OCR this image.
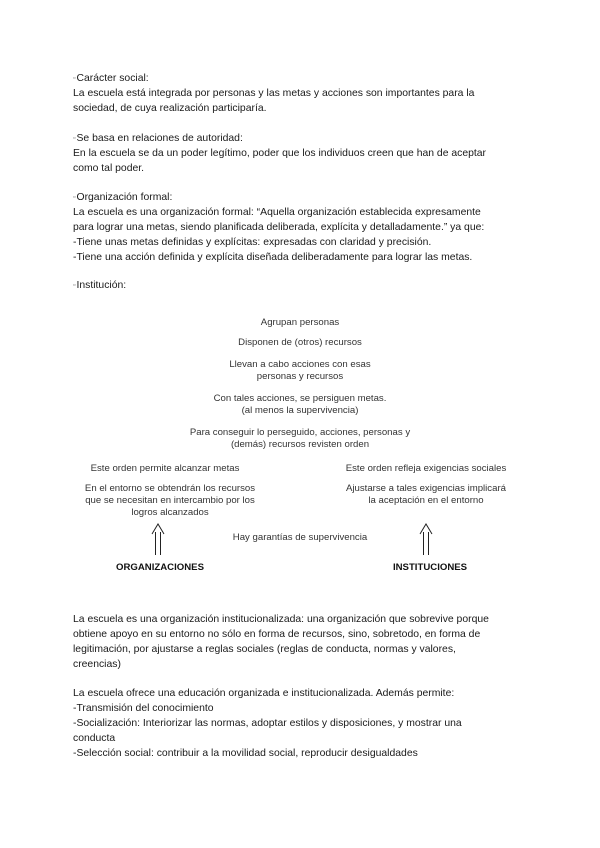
▫Carácter social:
La escuela está integrada por personas y las metas y acciones son importantes para la
sociedad, de cuya realización participaría.
▫Se basa en relaciones de autoridad:
En la escuela se da un poder legítimo, poder que los individuos creen que han de aceptar
como tal poder.
▫Organización formal:
La escuela es una organización formal: “Aquella organización establecida expresamente
para lograr una metas, siendo planificada deliberada, explícita y detalladamente.” ya que:
-Tiene unas metas definidas y explícitas: expresadas con claridad y precisión.
-Tiene una acción definida y explícita diseñada deliberadamente para lograr las metas.
▫Institución:
Agrupan personas
Disponen de (otros) recursos
Llevan a cabo acciones con esas
personas y recursos
Con tales acciones, se persiguen metas.
(al menos la supervivencia)
Para conseguir lo perseguido, acciones, personas y
(demás) recursos revisten orden
Este orden permite alcanzar metas
En el entorno se obtendrán los recursos
que se necesitan en intercambio por los
logros alcanzados
Este orden refleja exigencias sociales
Ajustarse a tales exigencias implicará
la aceptación en el entorno
Hay garantías de supervivencia
ORGANIZACIONES	INSTITUCIONES
La escuela es una organización institucionalizada: una organización que sobrevive porque
obtiene apoyo en su entorno no sólo en forma de recursos, sino, sobretodo, en forma de
legitimación, por ajustarse a reglas sociales (reglas de conducta, normas y valores,
creencias)
La escuela ofrece una educación organizada e institucionalizada. Además permite:
-Transmisión del conocimiento
-Socialización: Interiorizar las normas, adoptar estilos y disposiciones, y mostrar una
conducta
-Selección social: contribuir a la movilidad social, reproducir desigualdades
